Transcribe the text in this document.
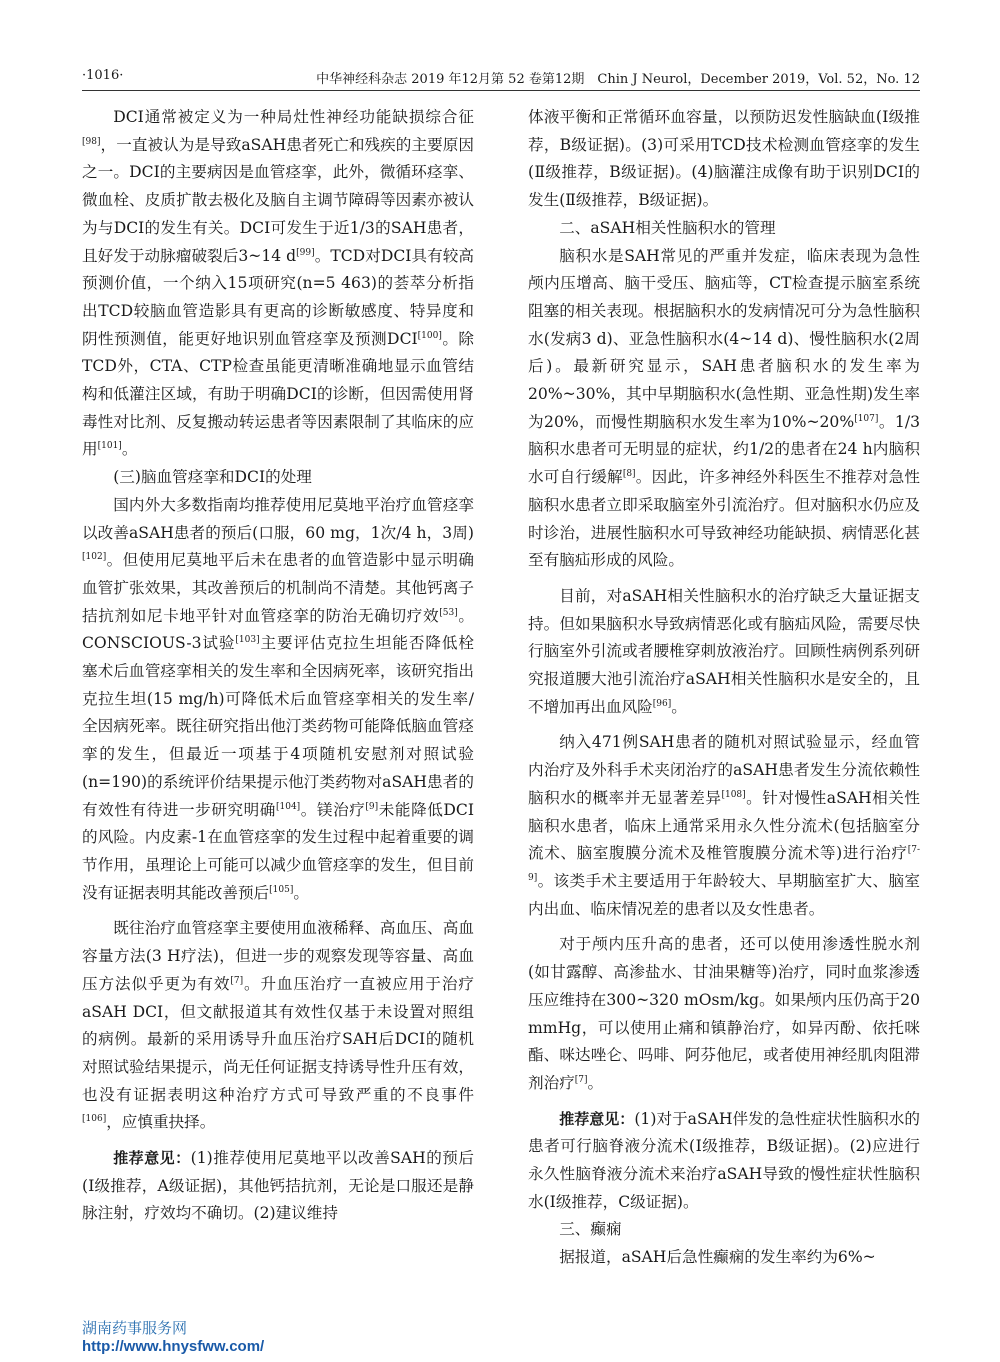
·1016·	中华神经科杂志 2019 年12月第 52 卷第12期　Chin J Neurol，December 2019，Vol. 52，No. 12

DCI通常被定义为一种局灶性神经功能缺损综合征[98]，一直被认为是导致aSAH患者死亡和残疾的主要原因之一。DCI的主要病因是血管痉挛，此外，微循环痉挛、微血栓、皮质扩散去极化及脑自主调节障碍等因素亦被认为与DCI的发生有关。DCI可发生于近1/3的SAH患者，且好发于动脉瘤破裂后3~14 d[99]。TCD对DCI具有较高预测价值，一个纳入15项研究(n=5 463)的荟萃分析指出TCD较脑血管造影具有更高的诊断敏感度、特异度和阴性预测值，能更好地识别血管痉挛及预测DCI[100]。除TCD外，CTA、CTP检查虽能更清晰准确地显示血管结构和低灌注区域，有助于明确DCI的诊断，但因需使用肾毒性对比剂、反复搬动转运患者等因素限制了其临床的应用[101]。

(三)脑血管痉挛和DCI的处理

国内外大多数指南均推荐使用尼莫地平治疗血管痉挛以改善aSAH患者的预后(口服，60 mg，1次/4 h，3周)[102]。但使用尼莫地平后未在患者的血管造影中显示明确血管扩张效果，其改善预后的机制尚不清楚。其他钙离子拮抗剂如尼卡地平针对血管痉挛的防治无确切疗效[53]。CONSCIOUS-3试验[103]主要评估克拉生坦能否降低栓塞术后血管痉挛相关的发生率和全因病死率，该研究指出克拉生坦(15 mg/h)可降低术后血管痉挛相关的发生率/全因病死率。既往研究指出他汀类药物可能降低脑血管痉挛的发生，但最近一项基于4项随机安慰剂对照试验(n=190)的系统评价结果提示他汀类药物对aSAH患者的有效性有待进一步研究明确[104]。镁治疗[9]未能降低DCI的风险。内皮素-1在血管痉挛的发生过程中起着重要的调节作用，虽理论上可能可以减少血管痉挛的发生，但目前没有证据表明其能改善预后[105]。

既往治疗血管痉挛主要使用血液稀释、高血压、高血容量方法(3 H疗法)，但进一步的观察发现等容量、高血压方法似乎更为有效[7]。升血压治疗一直被应用于治疗aSAH DCI，但文献报道其有效性仅基于未设置对照组的病例。最新的采用诱导升血压治疗SAH后DCI的随机对照试验结果提示，尚无任何证据支持诱导性升压有效，也没有证据表明这种治疗方式可导致严重的不良事件[106]，应慎重抉择。

推荐意见：(1)推荐使用尼莫地平以改善SAH的预后(Ⅰ级推荐，A级证据)，其他钙拮抗剂，无论是口服还是静脉注射，疗效均不确切。(2)建议维持

体液平衡和正常循环血容量，以预防迟发性脑缺血(Ⅰ级推荐，B级证据)。(3)可采用TCD技术检测血管痉挛的发生(Ⅱ级推荐，B级证据)。(4)脑灌注成像有助于识别DCI的发生(Ⅱ级推荐，B级证据)。

二、aSAH相关性脑积水的管理

脑积水是SAH常见的严重并发症，临床表现为急性颅内压增高、脑干受压、脑疝等，CT检查提示脑室系统阻塞的相关表现。根据脑积水的发病情况可分为急性脑积水(发病3 d)、亚急性脑积水(4~14 d)、慢性脑积水(2周后)。最新研究显示，SAH患者脑积水的发生率为20%~30%，其中早期脑积水(急性期、亚急性期)发生率为20%，而慢性期脑积水发生率为10%~20%[107]。1/3脑积水患者可无明显的症状，约1/2的患者在24 h内脑积水可自行缓解[8]。因此，许多神经外科医生不推荐对急性脑积水患者立即采取脑室外引流治疗。但对脑积水仍应及时诊治，进展性脑积水可导致神经功能缺损、病情恶化甚至有脑疝形成的风险。

目前，对aSAH相关性脑积水的治疗缺乏大量证据支持。但如果脑积水导致病情恶化或有脑疝风险，需要尽快行脑室外引流或者腰椎穿刺放液治疗。回顾性病例系列研究报道腰大池引流治疗aSAH相关性脑积水是安全的，且不增加再出血风险[96]。

纳入471例SAH患者的随机对照试验显示，经血管内治疗及外科手术夹闭治疗的aSAH患者发生分流依赖性脑积水的概率并无显著差异[108]。针对慢性aSAH相关性脑积水患者，临床上通常采用永久性分流术(包括脑室分流术、脑室腹膜分流术及椎管腹膜分流术等)进行治疗[7-9]。该类手术主要适用于年龄较大、早期脑室扩大、脑室内出血、临床情况差的患者以及女性患者。

对于颅内压升高的患者，还可以使用渗透性脱水剂(如甘露醇、高渗盐水、甘油果糖等)治疗，同时血浆渗透压应维持在300~320 mOsm/kg。如果颅内压仍高于20 mmHg，可以使用止痛和镇静治疗，如异丙酚、依托咪酯、咪达唑仑、吗啡、阿芬他尼，或者使用神经肌肉阻滞剂治疗[7]。

推荐意见：(1)对于aSAH伴发的急性症状性脑积水的患者可行脑脊液分流术(Ⅰ级推荐，B级证据)。(2)应进行永久性脑脊液分流术来治疗aSAH导致的慢性症状性脑积水(Ⅰ级推荐，C级证据)。

三、癫痫

据报道，aSAH后急性癫痫的发生率约为6%~

湖南药事服务网
http://www.hnysfww.com/
